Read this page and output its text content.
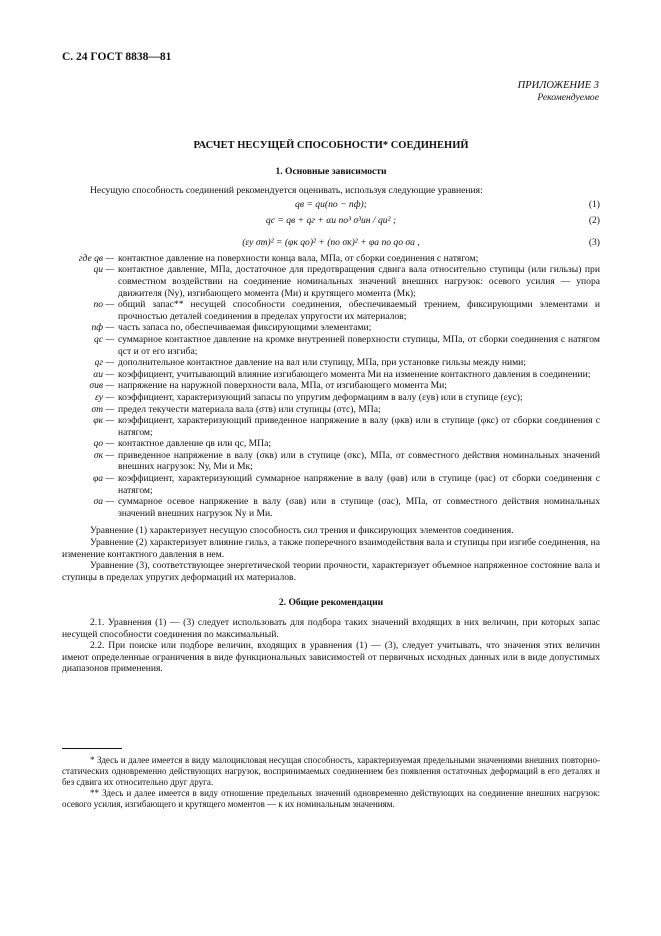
С. 24 ГОСТ 8838—81
ПРИЛОЖЕНИЕ 3
Рекомендуемое
РАСЧЕТ НЕСУЩЕЙ СПОСОБНОСТИ* СОЕДИНЕНИЙ
1. Основные зависимости

Несущую способность соединений рекомендуется оценивать, используя следующие уравнения:

qв = qи(nо − nф);	(1)
qс = qв + qг + αи nо³ σ³ин / qи² ;	(2)
(εу σт)² = (φк qо)² + (nо σк)² + φа nо qо σа ,	(3)
где qв — контактное давление на поверхности конца вала, МПа, от сборки соединения с натягом;
qи — контактное давление, МПа, достаточное для предотвращения сдвига вала относительно ступицы (или гильзы) при совместном воздействии на соединение номинальных значений внешних нагрузок: осевого усилия — упора движителя (Nу), изгибающего момента (Mи) и крутящего момента (Mк);
nо — общий запас** несущей способности соединения, обеспечиваемый трением, фиксирующими элементами и прочностью деталей соединения в пределах упругости их материалов;
nф — часть запаса nо, обеспечиваемая фиксирующими элементами;
qс — суммарное контактное давление на кромке внутренней поверхности ступицы, МПа, от сборки соединения с натягом qст и от его изгиба;
qг — дополнительное контактное давление на вал или ступицу, МПа, при установке гильзы между ними;
αи — коэффициент, учитывающий влияние изгибающего момента Mи на изменение контактного давления в соединении;
σив — напряжение на наружной поверхности вала, МПа, от изгибающего момента Mи;
εу — коэффициент, характеризующий запасы по упругим деформациям в валу (εув) или в ступице (εус);
σт — предел текучести материала вала (σтв) или ступицы (σтс), МПа;
φк — коэффициент, характеризующий приведенное напряжение в валу (φкв) или в ступице (φкс) от сборки соединения с натягом;
qо — контактное давление qв или qс, МПа;
σк — приведенное напряжение в валу (σкв) или в ступице (σкс), МПа, от совместного действия номинальных значений внешних нагрузок: Nу, Mи и Mк;
φа — коэффициент, характеризующий суммарное напряжение в валу (φав) или в ступице (φас) от сборки соединения с натягом;
σа — суммарное осевое напряжение в валу (σав) или в ступице (σас), МПа, от совместного действия номинальных значений внешних нагрузок Nу и Mи.

Уравнение (1) характеризует несущую способность сил трения и фиксирующих элементов соединения.

Уравнение (2) характеризует влияние гильз, а также поперечного взаимодействия вала и ступицы при изгибе соединения, на изменение контактного давления в нем.

Уравнение (3), соответствующее энергетической теории прочности, характеризует объемное напряженное состояние вала и ступицы в пределах упругих деформаций их материалов.

2. Общие рекомендации

2.1. Уравнения (1) — (3) следует использовать для подбора таких значений входящих в них величин, при которых запас несущей способности соединения nо максимальный.

2.2. При поиске или подборе величин, входящих в уравнения (1) — (3), следует учитывать, что значения этих величин имеют определенные ограничения в виде функциональных зависимостей от первичных исходных данных или в виде допустимых диапазонов применения.

* Здесь и далее имеется в виду малоцикловая несущая способность, характеризуемая предельными значениями внешних повторно-статических одновременно действующих нагрузок, воспринимаемых соединением без появления остаточных деформаций в его деталях и без сдвига их относительно друг друга.

** Здесь и далее имеется в виду отношение предельных значений одновременно действующих на соединение внешних нагрузок: осевого усилия, изгибающего и крутящего моментов — к их номинальным значениям.
